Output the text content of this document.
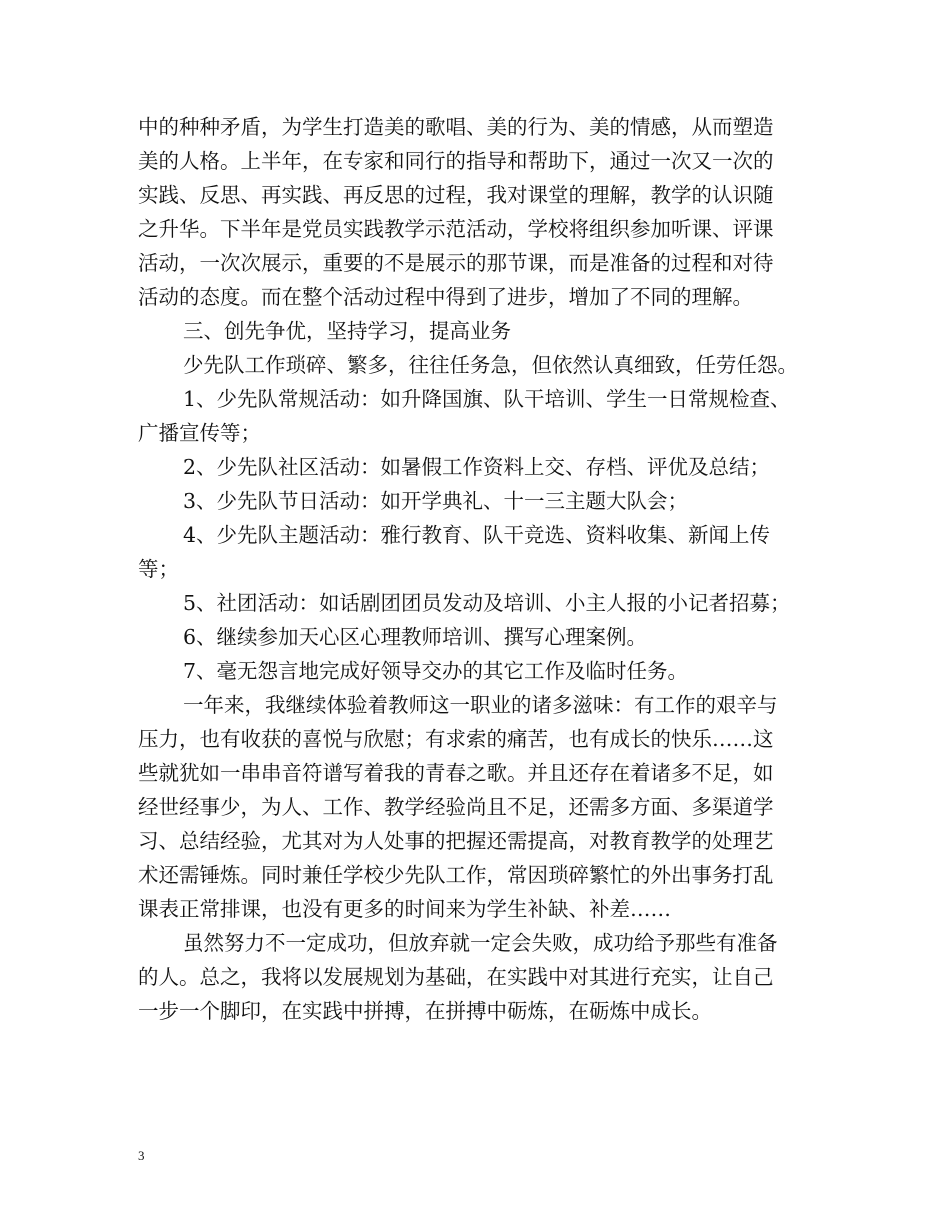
中的种种矛盾，为学生打造美的歌唱、美的行为、美的情感，从而塑造
美的人格。上半年，在专家和同行的指导和帮助下，通过一次又一次的
实践、反思、再实践、再反思的过程，我对课堂的理解，教学的认识随
之升华。下半年是党员实践教学示范活动，学校将组织参加听课、评课
活动，一次次展示，重要的不是展示的那节课，而是准备的过程和对待
活动的态度。而在整个活动过程中得到了进步，增加了不同的理解。
三、创先争优，坚持学习，提高业务
少先队工作琐碎、繁多，往往任务急，但依然认真细致，任劳任怨。
1、少先队常规活动：如升降国旗、队干培训、学生一日常规检查、
广播宣传等；
2、少先队社区活动：如暑假工作资料上交、存档、评优及总结；
3、少先队节日活动：如开学典礼、十一三主题大队会；
4、少先队主题活动：雅行教育、队干竞选、资料收集、新闻上传
等；
5、社团活动：如话剧团团员发动及培训、小主人报的小记者招募；
6、继续参加天心区心理教师培训、撰写心理案例。
7、毫无怨言地完成好领导交办的其它工作及临时任务。
一年来，我继续体验着教师这一职业的诸多滋味：有工作的艰辛与
压力，也有收获的喜悦与欣慰；有求索的痛苦，也有成长的快乐……这
些就犹如一串串音符谱写着我的青春之歌。并且还存在着诸多不足，如
经世经事少，为人、工作、教学经验尚且不足，还需多方面、多渠道学
习、总结经验，尤其对为人处事的把握还需提高，对教育教学的处理艺
术还需锤炼。同时兼任学校少先队工作，常因琐碎繁忙的外出事务打乱
课表正常排课，也没有更多的时间来为学生补缺、补差……
虽然努力不一定成功，但放弃就一定会失败，成功给予那些有准备
的人。总之，我将以发展规划为基础，在实践中对其进行充实，让自己
一步一个脚印，在实践中拼搏，在拼搏中砺炼，在砺炼中成长。
3
